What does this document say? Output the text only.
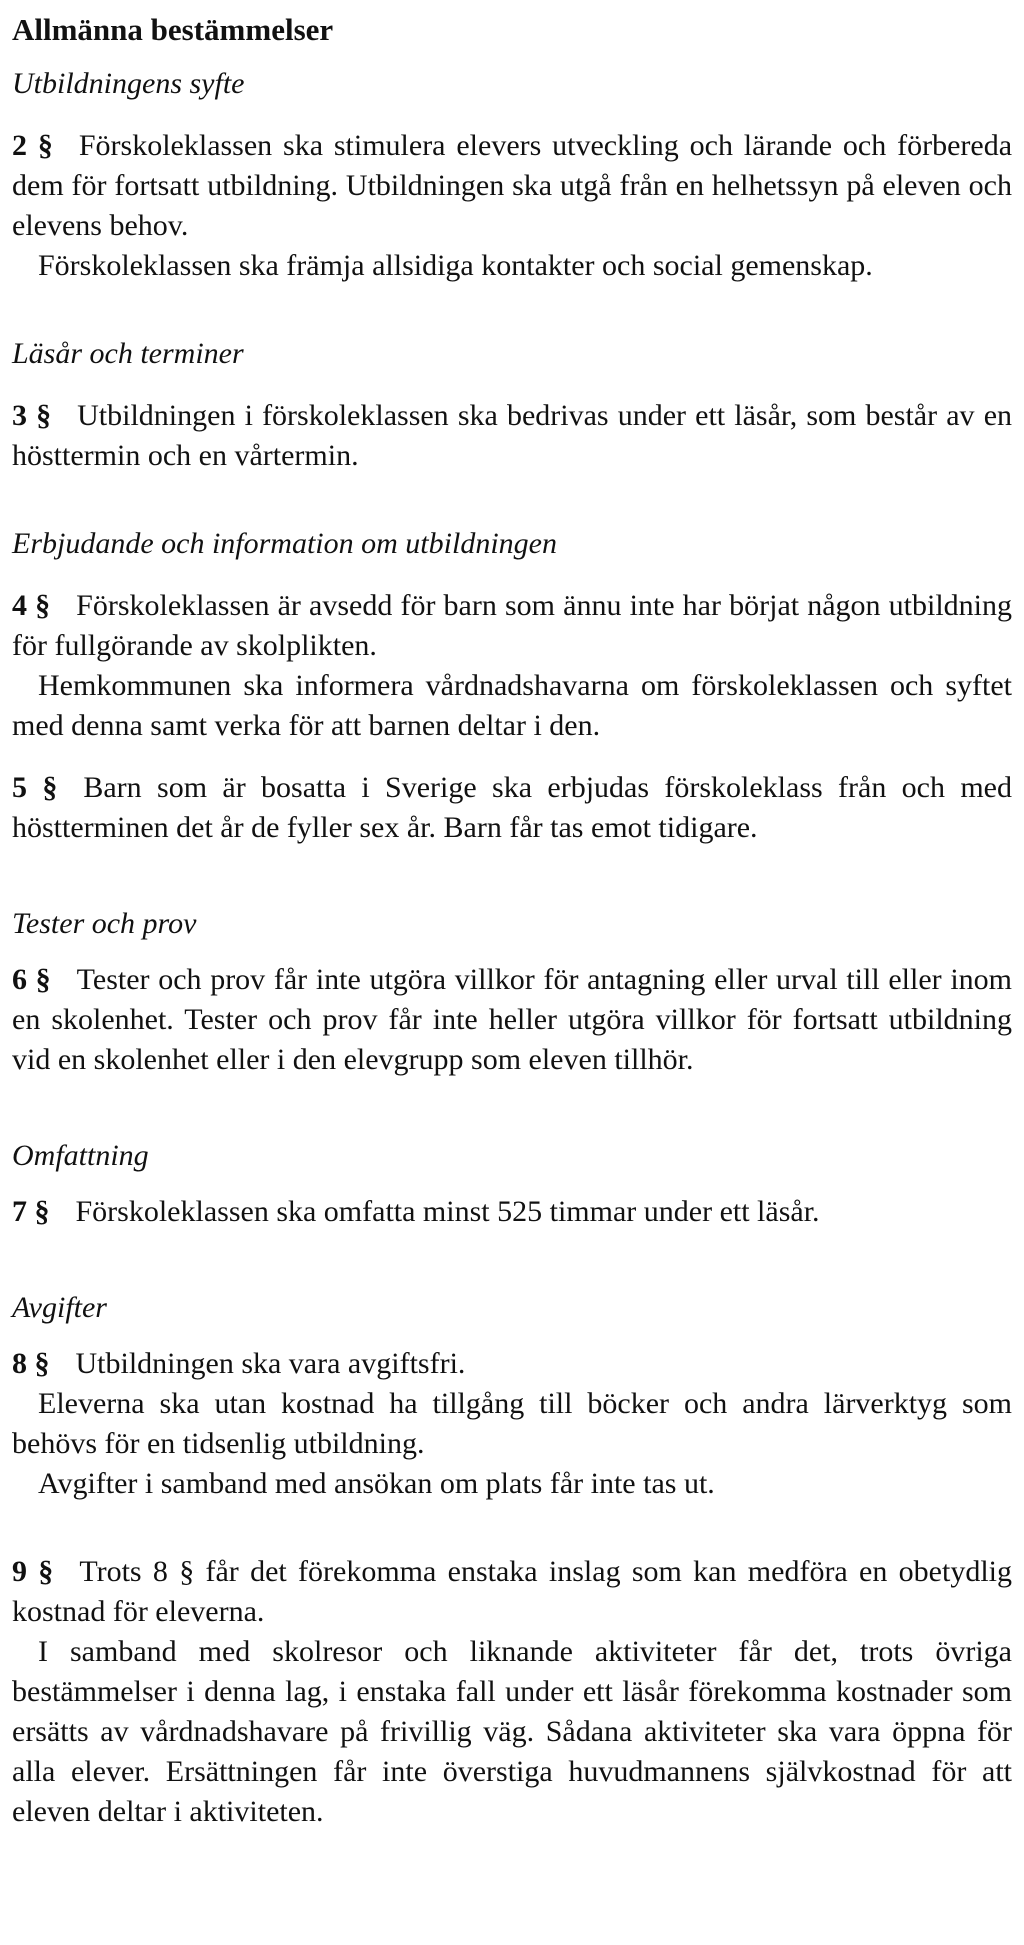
Allmänna bestämmelser
Utbildningens syfte

2 § Förskoleklassen ska stimulera elevers utveckling och lärande och förbereda dem för fortsatt utbildning. Utbildningen ska utgå från en helhetssyn på eleven och elevens behov.

Förskoleklassen ska främja allsidiga kontakter och social gemenskap.

Läsår och terminer

3 § Utbildningen i förskoleklassen ska bedrivas under ett läsår, som består av en hösttermin och en vårtermin.

Erbjudande och information om utbildningen

4 § Förskoleklassen är avsedd för barn som ännu inte har börjat någon utbildning för fullgörande av skolplikten.

Hemkommunen ska informera vårdnadshavarna om förskoleklassen och syftet med denna samt verka för att barnen deltar i den.

5 § Barn som är bosatta i Sverige ska erbjudas förskoleklass från och med höstterminen det år de fyller sex år. Barn får tas emot tidigare.

Tester och prov

6 § Tester och prov får inte utgöra villkor för antagning eller urval till eller inom en skolenhet. Tester och prov får inte heller utgöra villkor för fortsatt utbildning vid en skolenhet eller i den elevgrupp som eleven tillhör.

Omfattning

7 § Förskoleklassen ska omfatta minst 525 timmar under ett läsår.

Avgifter

8 § Utbildningen ska vara avgiftsfri.

Eleverna ska utan kostnad ha tillgång till böcker och andra lärverktyg som behövs för en tidsenlig utbildning.

Avgifter i samband med ansökan om plats får inte tas ut.

9 § Trots 8 § får det förekomma enstaka inslag som kan medföra en obetydlig kostnad för eleverna.

I samband med skolresor och liknande aktiviteter får det, trots övriga bestämmelser i denna lag, i enstaka fall under ett läsår förekomma kostnader som ersätts av vårdnadshavare på frivillig väg. Sådana aktiviteter ska vara öppna för alla elever. Ersättningen får inte överstiga huvudmannens självkostnad för att eleven deltar i aktiviteten.
